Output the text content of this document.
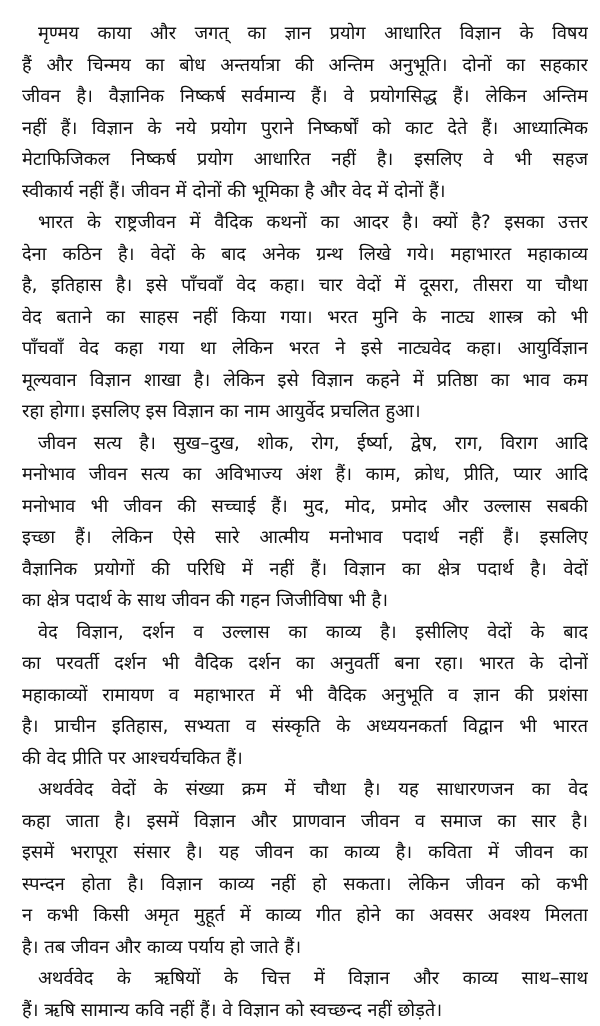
मृण्मय काया और जगत् का ज्ञान प्रयोग आधारित विज्ञान के विषय
हैं और चिन्मय का बोध अन्तर्यात्रा की अन्तिम अनुभूति। दोनों का सहकार
जीवन है। वैज्ञानिक निष्कर्ष सर्वमान्य हैं। वे प्रयोगसिद्ध हैं। लेकिन अन्तिम
नहीं हैं। विज्ञान के नये प्रयोग पुराने निष्कर्षों को काट देते हैं। आध्यात्मिक
मेटाफिजिकल निष्कर्ष प्रयोग आधारित नहीं है। इसलिए वे भी सहज
स्वीकार्य नहीं हैं। जीवन में दोनों की भूमिका है और वेद में दोनों हैं।
भारत के राष्ट्रजीवन में वैदिक कथनों का आदर है। क्यों है? इसका उत्तर
देना कठिन है। वेदों के बाद अनेक ग्रन्थ लिखे गये। महाभारत महाकाव्य
है, इतिहास है। इसे पाँचवाँ वेद कहा। चार वेदों में दूसरा, तीसरा या चौथा
वेद बताने का साहस नहीं किया गया। भरत मुनि के नाट्य शास्त्र को भी
पाँचवाँ वेद कहा गया था लेकिन भरत ने इसे नाट्यवेद कहा। आयुर्विज्ञान
मूल्यवान विज्ञान शाखा है। लेकिन इसे विज्ञान कहने में प्रतिष्ठा का भाव कम
रहा होगा। इसलिए इस विज्ञान का नाम आयुर्वेद प्रचलित हुआ।
जीवन सत्य है। सुख–दुख, शोक, रोग, ईर्ष्या, द्वेष, राग, विराग आदि
मनोभाव जीवन सत्य का अविभाज्य अंश हैं। काम, क्रोध, प्रीति, प्यार आदि
मनोभाव भी जीवन की सच्चाई हैं। मुद, मोद, प्रमोद और उल्लास सबकी
इच्छा हैं। लेकिन ऐसे सारे आत्मीय मनोभाव पदार्थ नहीं हैं। इसलिए
वैज्ञानिक प्रयोगों की परिधि में नहीं हैं। विज्ञान का क्षेत्र पदार्थ है। वेदों
का क्षेत्र पदार्थ के साथ जीवन की गहन जिजीविषा भी है।
वेद विज्ञान, दर्शन व उल्लास का काव्य है। इसीलिए वेदों के बाद
का परवर्ती दर्शन भी वैदिक दर्शन का अनुवर्ती बना रहा। भारत के दोनों
महाकाव्यों रामायण व महाभारत में भी वैदिक अनुभूति व ज्ञान की प्रशंसा
है। प्राचीन इतिहास, सभ्यता व संस्कृति के अध्ययनकर्ता विद्वान भी भारत
की वेद प्रीति पर आश्चर्यचकित हैं।
अथर्ववेद वेदों के संख्या क्रम में चौथा है। यह साधारणजन का वेद
कहा जाता है। इसमें विज्ञान और प्राणवान जीवन व समाज का सार है।
इसमें भरापूरा संसार है। यह जीवन का काव्य है। कविता में जीवन का
स्पन्दन होता है। विज्ञान काव्य नहीं हो सकता। लेकिन जीवन को कभी
न कभी किसी अमृत मुहूर्त में काव्य गीत होने का अवसर अवश्य मिलता
है। तब जीवन और काव्य पर्याय हो जाते हैं।
अथर्ववेद के ऋषियों के चित्त में विज्ञान और काव्य साथ–साथ
हैं। ऋषि सामान्य कवि नहीं हैं। वे विज्ञान को स्वच्छन्द नहीं छोड़ते।
